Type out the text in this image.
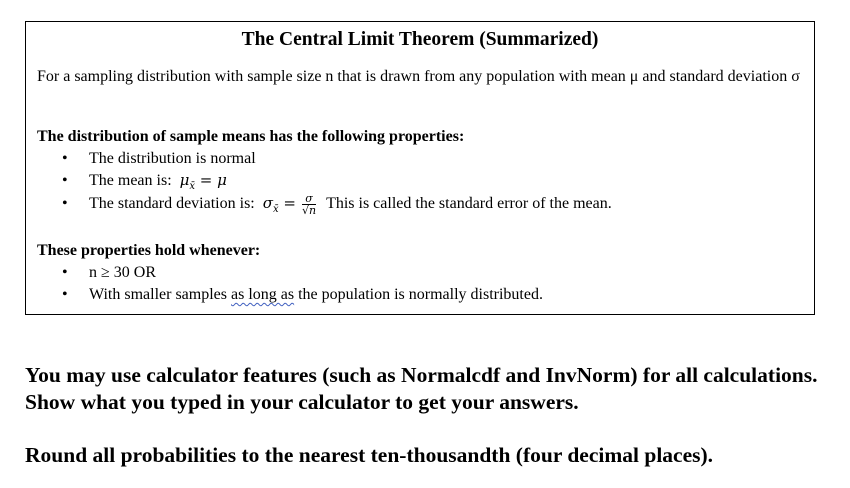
The Central Limit Theorem (Summarized)
For a sampling distribution with sample size n that is drawn from any population with mean μ and standard deviation σ
The distribution of sample means has the following properties:
• The distribution is normal
• The mean is: $\mu_{x̄} = \mu$
• The standard deviation is: $\sigma_{x̄} = \frac{\sigma}{√n}$ This is called the standard error of the mean.
These properties hold whenever:
• n ≥ 30 OR
• With smaller samples as long as the population is normally distributed.
You may use calculator features (such as Normalcdf and InvNorm) for all calculations. Show what you typed in your calculator to get your answers.
Round all probabilities to the nearest ten-thousandth (four decimal places).
